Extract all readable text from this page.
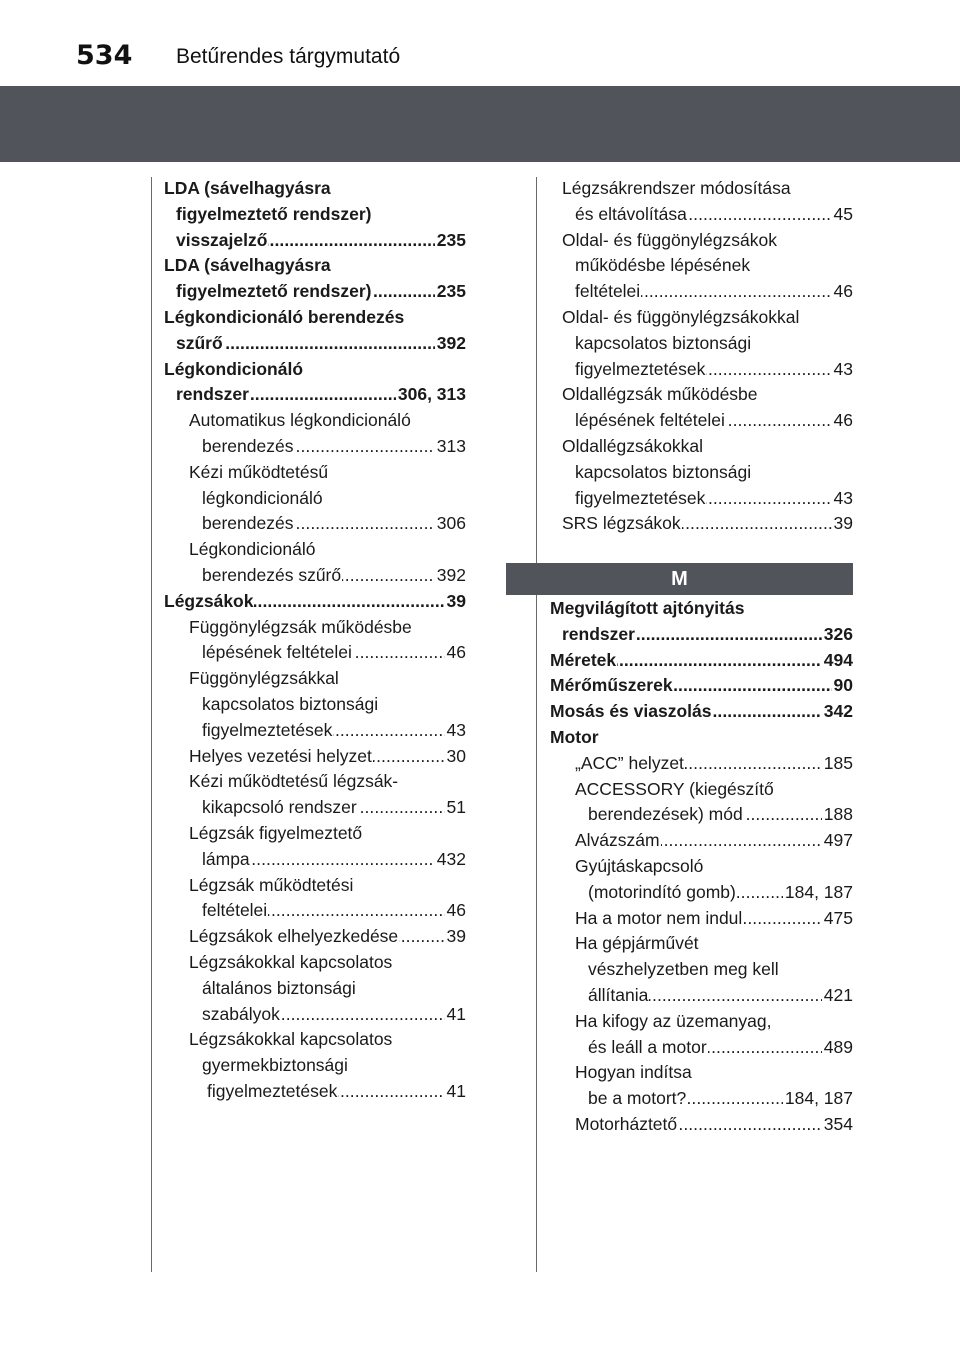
534 Betűrendes tárgymutató
LDA (sávelhagyásra
figyelmeztető rendszer)
. . . visszajelző	235
LDA (sávelhagyásra
. . . figyelmeztető rendszer)	235
Légkondicionáló berendezés
. . . szűrő	392
Légkondicionáló
. . . rendszer	306, 313
Automatikus légkondicionáló
. . . berendezés	313
Kézi működtetésű
légkondicionáló
. . . berendezés	306
Légkondicionáló
. . . berendezés szűrő	392
. . . Légzsákok	39
Függönylégzsák működésbe
. . . lépésének feltételei	46
Függönylégzsákkal
kapcsolatos biztonsági
. . . figyelmeztetések	43
. . . Helyes vezetési helyzet	30
Kézi működtetésű légzsák-
. . . kikapcsoló rendszer	51
Légzsák figyelmeztető
. . . lámpa	432
Légzsák működtetési
. . . feltételei	46
. . . Légzsákok elhelyezkedése	39
Légzsákokkal kapcsolatos
általános biztonsági
. . . szabályok	41
Légzsákokkal kapcsolatos
gyermekbiztonsági
. . . figyelmeztetések	41
Légzsákrendszer módosítása
. . . és eltávolítása	45
Oldal- és függönylégzsákok
működésbe lépésének
. . . feltételei	46
Oldal- és függönylégzsákokkal
kapcsolatos biztonsági
. . . figyelmeztetések	43
Oldallégzsák működésbe
. . . lépésének feltételei	46
Oldallégzsákokkal
kapcsolatos biztonsági
. . . figyelmeztetések	43
. . . SRS légzsákok	39
M
Megvilágított ajtónyitás
. . . rendszer	326
. . . Méretek	494
. . . Mérőműszerek	90
. . . Mosás és viaszolás	342
Motor
. . . „ACC” helyzet	185
ACCESSORY (kiegészítő
. . . berendezések) mód	188
. . . Alvázszám	497
Gyújtáskapcsoló
. . . (motorindító gomb)	184, 187
. . . Ha a motor nem indul	475
Ha gépjárművét
vészhelyzetben meg kell
. . . állítania	421
Ha kifogy az üzemanyag,
. . . és leáll a motor	489
Hogyan indítsa
. . . be a motort?	184, 187
. . . Motorháztető	354
